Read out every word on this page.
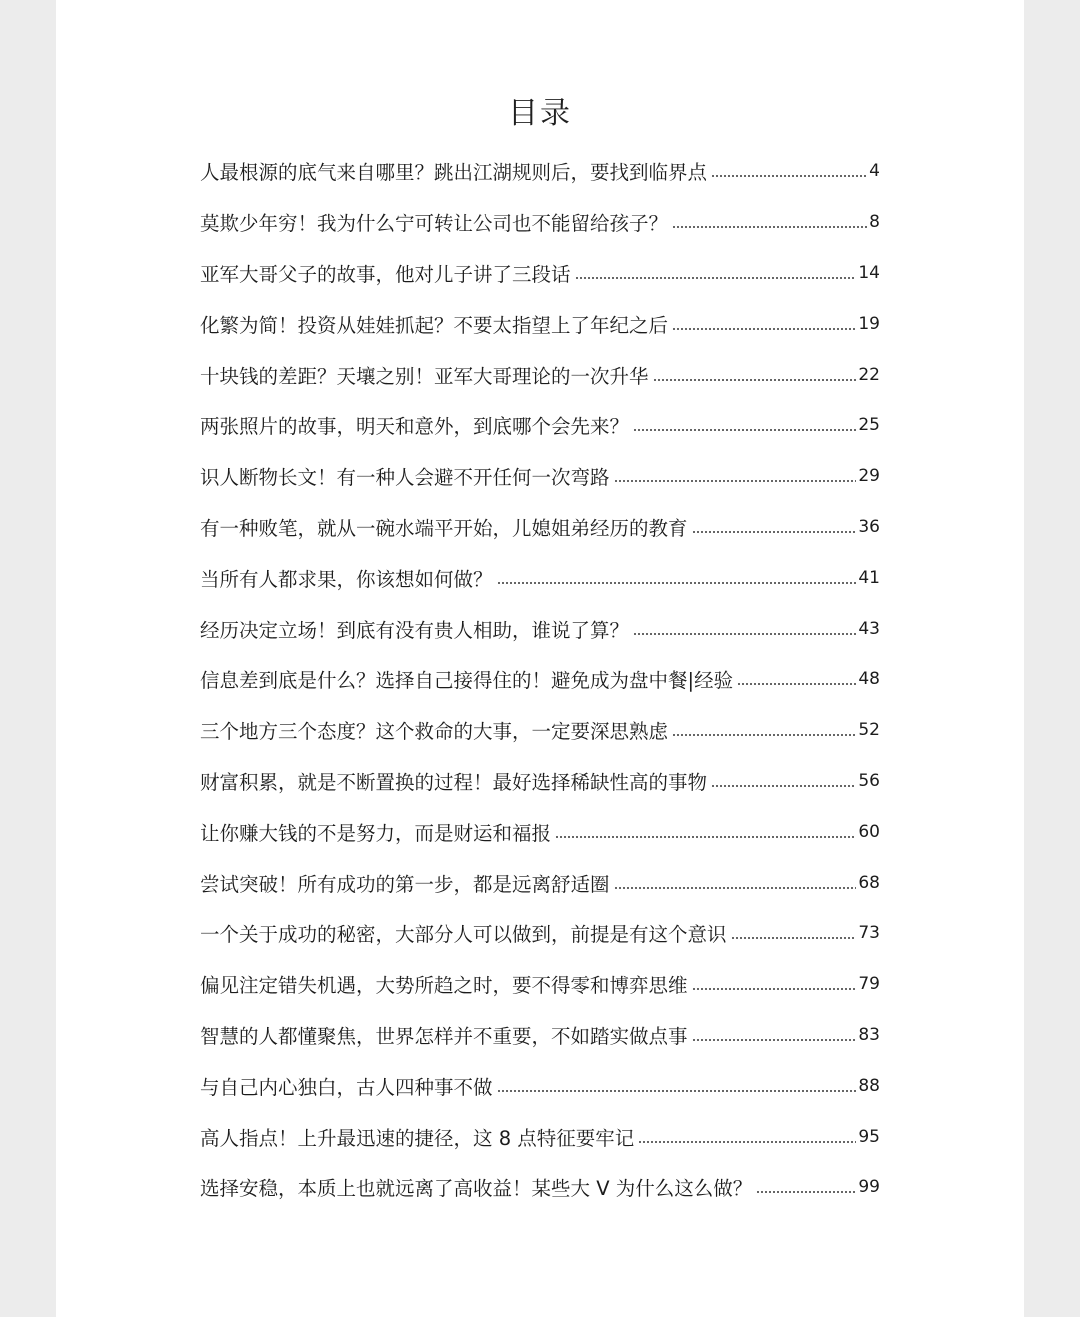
目录
人最根源的底气来自哪里？跳出江湖规则后，要找到临界点	4
莫欺少年穷！我为什么宁可转让公司也不能留给孩子？	8
亚军大哥父子的故事，他对儿子讲了三段话	14
化繁为简！投资从娃娃抓起？不要太指望上了年纪之后	19
十块钱的差距？天壤之别！亚军大哥理论的一次升华	22
两张照片的故事，明天和意外，到底哪个会先来？	25
识人断物长文！有一种人会避不开任何一次弯路	29
有一种败笔，就从一碗水端平开始，儿媳姐弟经历的教育	36
当所有人都求果，你该想如何做？	41
经历决定立场！到底有没有贵人相助，谁说了算？	43
信息差到底是什么？选择自己接得住的！避免成为盘中餐|经验	48
三个地方三个态度？这个救命的大事，一定要深思熟虑	52
财富积累，就是不断置换的过程！最好选择稀缺性高的事物	56
让你赚大钱的不是努力，而是财运和福报	60
尝试突破！所有成功的第一步，都是远离舒适圈	68
一个关于成功的秘密，大部分人可以做到，前提是有这个意识	73
偏见注定错失机遇，大势所趋之时，要不得零和博弈思维	79
智慧的人都懂聚焦，世界怎样并不重要，不如踏实做点事	83
与自己内心独白，古人四种事不做	88
高人指点！上升最迅速的捷径，这 8 点特征要牢记	95
选择安稳，本质上也就远离了高收益！某些大 V 为什么这么做？	99
